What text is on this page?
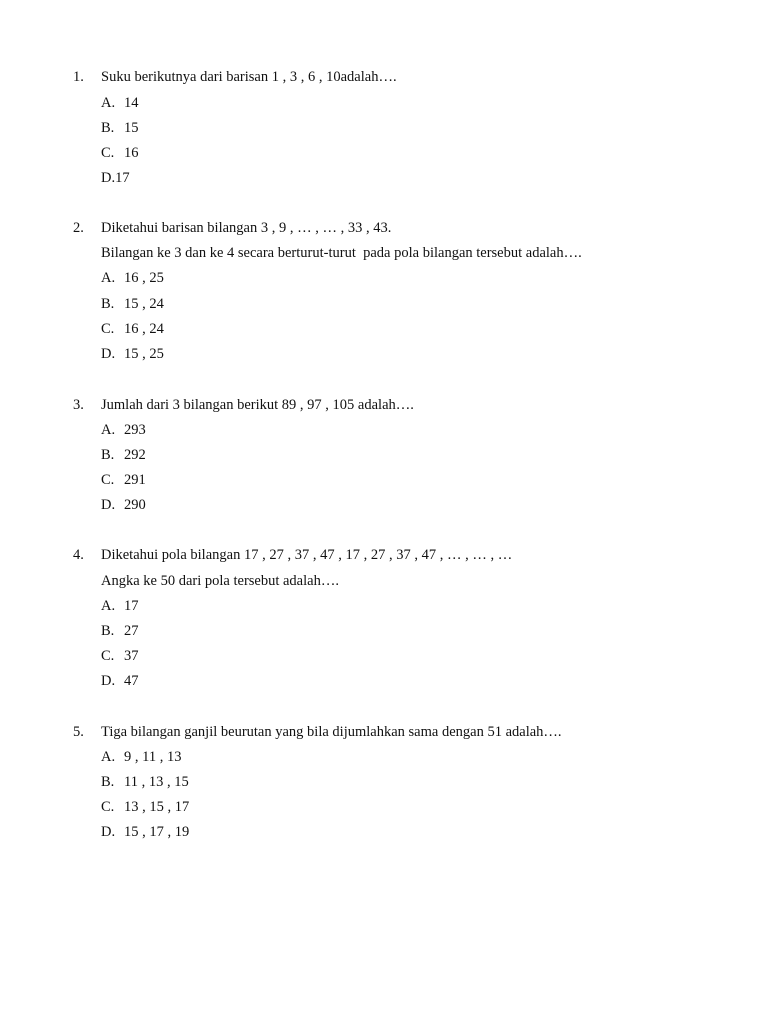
1. Suku berikutnya dari barisan 1 , 3 , 6 , 10adalah….
A. 14
B. 15
C. 16
D.17
2. Diketahui barisan bilangan 3 , 9 , … , … , 33 , 43.
Bilangan ke 3 dan ke 4 secara berturut-turut  pada pola bilangan tersebut adalah….
A. 16 , 25
B. 15 , 24
C. 16 , 24
D. 15 , 25
3. Jumlah dari 3 bilangan berikut 89 , 97 , 105 adalah….
A. 293
B. 292
C. 291
D. 290
4. Diketahui pola bilangan 17 , 27 , 37 , 47 , 17 , 27 , 37 , 47 , … , … , …
Angka ke 50 dari pola tersebut adalah….
A. 17
B. 27
C. 37
D. 47
5. Tiga bilangan ganjil beurutan yang bila dijumlahkan sama dengan 51 adalah….
A. 9 , 11 , 13
B. 11 , 13 , 15
C. 13 , 15 , 17
D. 15 , 17 , 19
